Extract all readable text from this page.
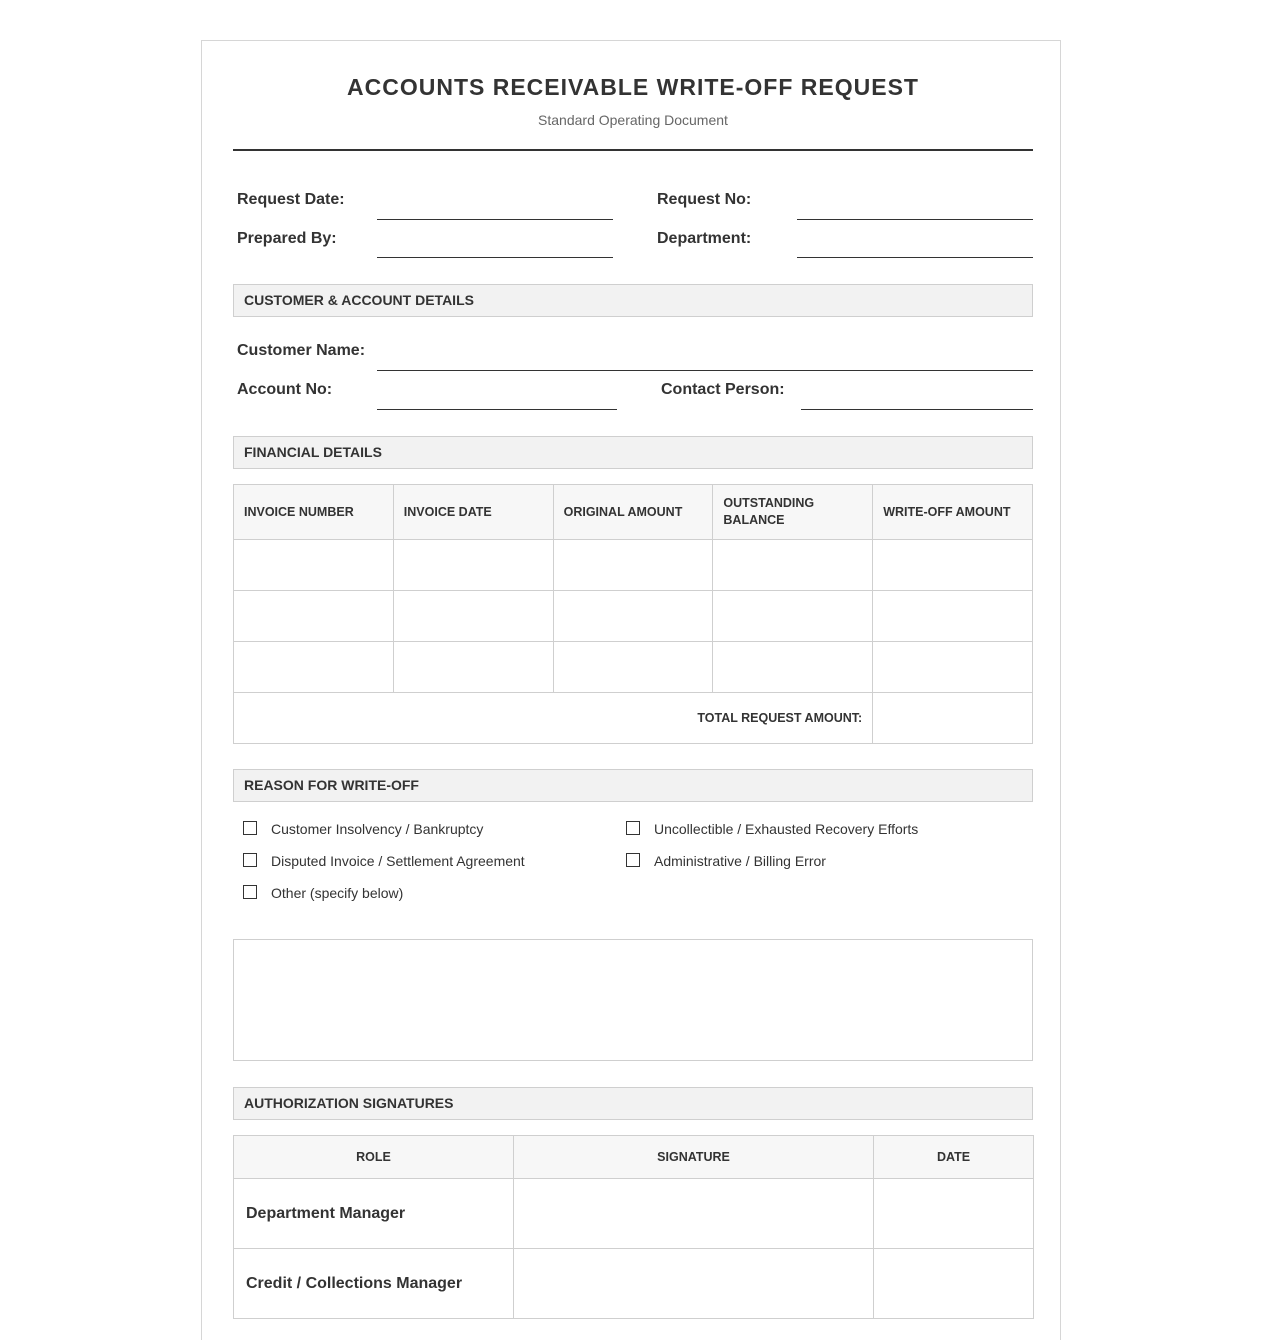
ACCOUNTS RECEIVABLE WRITE-OFF REQUEST
Standard Operating Document
Request Date:	Request No:
Prepared By:	Department:
CUSTOMER & ACCOUNT DETAILS
Customer Name:
Account No:	Contact Person:
FINANCIAL DETAILS
INVOICE NUMBER	INVOICE DATE	ORIGINAL AMOUNT	OUTSTANDING BALANCE	WRITE-OFF AMOUNT

TOTAL REQUEST AMOUNT:				
REASON FOR WRITE-OFF
Customer Insolvency / Bankruptcy	Uncollectible / Exhausted Recovery Efforts
Disputed Invoice / Settlement Agreement	Administrative / Billing Error
Other (specify below)
AUTHORIZATION SIGNATURES
ROLE	SIGNATURE	DATE
Department Manager		
Credit / Collections Manager		
